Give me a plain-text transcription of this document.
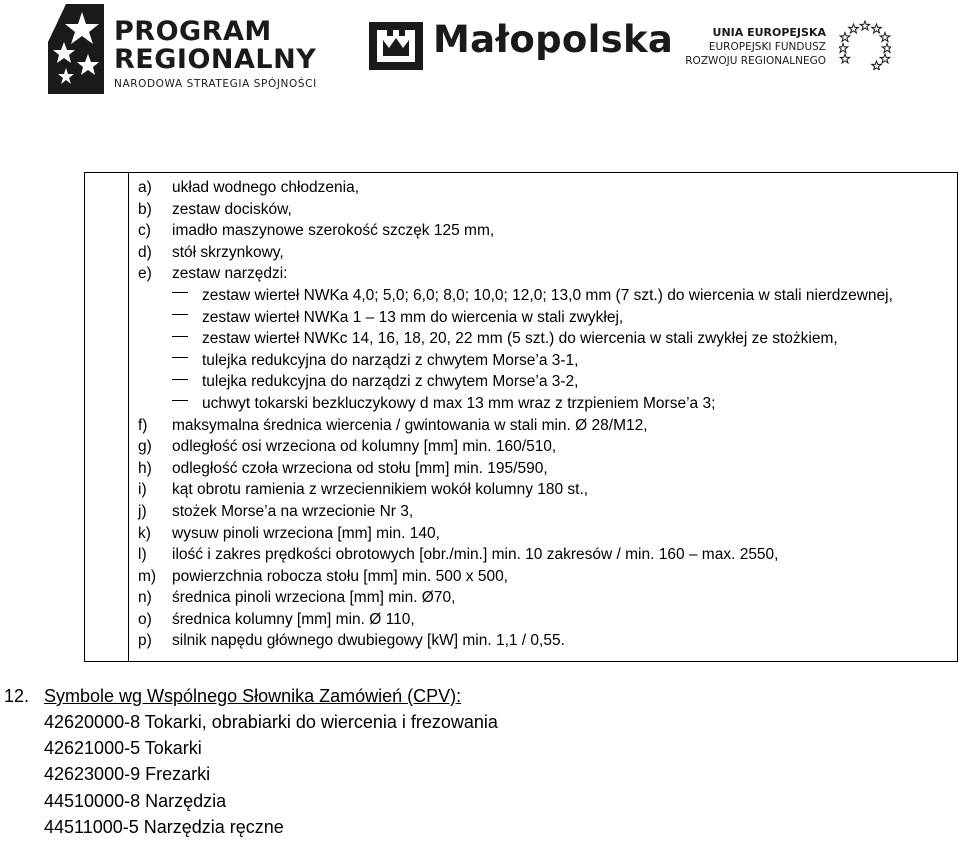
PROGRAM
REGIONALNY
NARODOWA STRATEGIA SPÓJNOŚCI
Małopolska	UNIA EUROPEJSKA
EUROPEJSKI FUNDUSZ
ROZWOJU REGIONALNEGO
a) układ wodnego chłodzenia,
b) zestaw docisków,
c) imadło maszynowe szerokość szczęk 125 mm,
d) stół skrzynkowy,
e) zestaw narzędzi:
zestaw wierteł NWKa 4,0; 5,0; 6,0; 8,0; 10,0; 12,0; 13,0 mm (7 szt.) do wiercenia w stali nierdzewnej,
zestaw wierteł NWKa 1 – 13 mm do wiercenia w stali zwykłej,
zestaw wierteł NWKc 14, 16, 18, 20, 22 mm (5 szt.) do wiercenia w stali zwykłej ze stożkiem,
tulejka redukcyjna do narządzi z chwytem Morse’a 3-1,
tulejka redukcyjna do narządzi z chwytem Morse’a 3-2,
uchwyt tokarski bezkluczykowy d max 13 mm wraz z trzpieniem Morse’a 3;
f) maksymalna średnica wiercenia / gwintowania w stali min. Ø 28/M12,
g) odległość osi wrzeciona od kolumny [mm] min. 160/510,
h) odległość czoła wrzeciona od stołu [mm] min. 195/590,
i) kąt obrotu ramienia z wrzeciennikiem wokół kolumny 180 st.,
j) stożek Morse’a na wrzecionie Nr 3,
k) wysuw pinoli wrzeciona [mm] min. 140,
l) ilość i zakres prędkości obrotowych [obr./min.] min. 10 zakresów / min. 160 – max. 2550,
m) powierzchnia robocza stołu [mm] min. 500 x 500,
n) średnica pinoli wrzeciona [mm] min. Ø70,
o) średnica kolumny [mm] min. Ø 110,
p) silnik napędu głównego dwubiegowy [kW] min. 1,1 / 0,55.
12. Symbole wg Wspólnego Słownika Zamówień (CPV):
42620000-8 Tokarki, obrabiarki do wiercenia i frezowania
42621000-5 Tokarki
42623000-9 Frezarki
44510000-8 Narzędzia
44511000-5 Narzędzia ręczne
